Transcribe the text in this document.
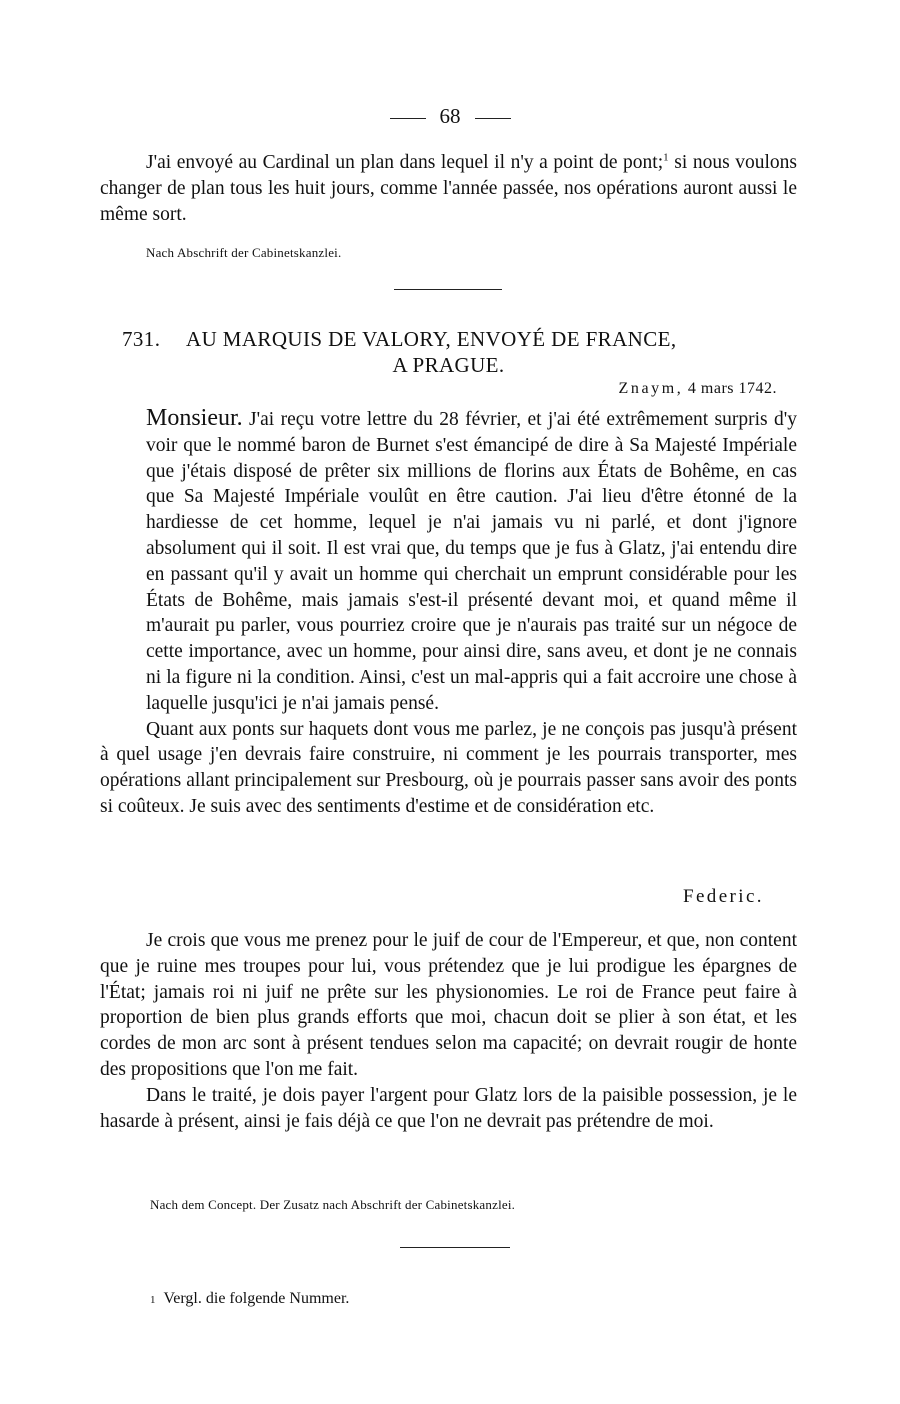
68

J'ai envoyé au Cardinal un plan dans lequel il n'y a point de pont;$^1$ si nous voulons changer de plan tous les huit jours, comme l'année passée, nos opérations auront aussi le même sort.

Nach Abschrift der Cabinetskanzlei.
731. AU MARQUIS DE VALORY, ENVOYÉ DE FRANCE,
A PRAGUE.
Znaym, 4 mars 1742.

Monsieur. J'ai reçu votre lettre du 28 février, et j'ai été extrêmement surpris d'y voir que le nommé baron de Burnet s'est émancipé de dire à Sa Majesté Impériale que j'étais disposé de prêter six millions de florins aux États de Bohême, en cas que Sa Majesté Impériale voulût en être caution. J'ai lieu d'être étonné de la hardiesse de cet homme, lequel je n'ai jamais vu ni parlé, et dont j'ignore absolument qui il soit. Il est vrai que, du temps que je fus à Glatz, j'ai entendu dire en passant qu'il y avait un homme qui cherchait un emprunt considérable pour les États de Bohême, mais jamais s'est-il présenté devant moi, et quand même il m'aurait pu parler, vous pourriez croire que je n'aurais pas traité sur un négoce de cette importance, avec un homme, pour ainsi dire, sans aveu, et dont je ne connais ni la figure ni la condition. Ainsi, c'est un mal-appris qui a fait accroire une chose à laquelle jusqu'ici je n'ai jamais pensé.

Quant aux ponts sur haquets dont vous me parlez, je ne conçois pas jusqu'à présent à quel usage j'en devrais faire construire, ni comment je les pourrais transporter, mes opérations allant principalement sur Presbourg, où je pourrais passer sans avoir des ponts si coûteux. Je suis avec des sentiments d'estime et de considération etc.

Federic.

Je crois que vous me prenez pour le juif de cour de l'Empereur, et que, non content que je ruine mes troupes pour lui, vous prétendez que je lui prodigue les épargnes de l'État; jamais roi ni juif ne prête sur les physionomies. Le roi de France peut faire à proportion de bien plus grands efforts que moi, chacun doit se plier à son état, et les cordes de mon arc sont à présent tendues selon ma capacité; on devrait rougir de honte des propositions que l'on me fait.

Dans le traité, je dois payer l'argent pour Glatz lors de la paisible possession, je le hasarde à présent, ainsi je fais déjà ce que l'on ne devrait pas prétendre de moi.

Nach dem Concept. Der Zusatz nach Abschrift der Cabinetskanzlei.
1 Vergl. die folgende Nummer.
